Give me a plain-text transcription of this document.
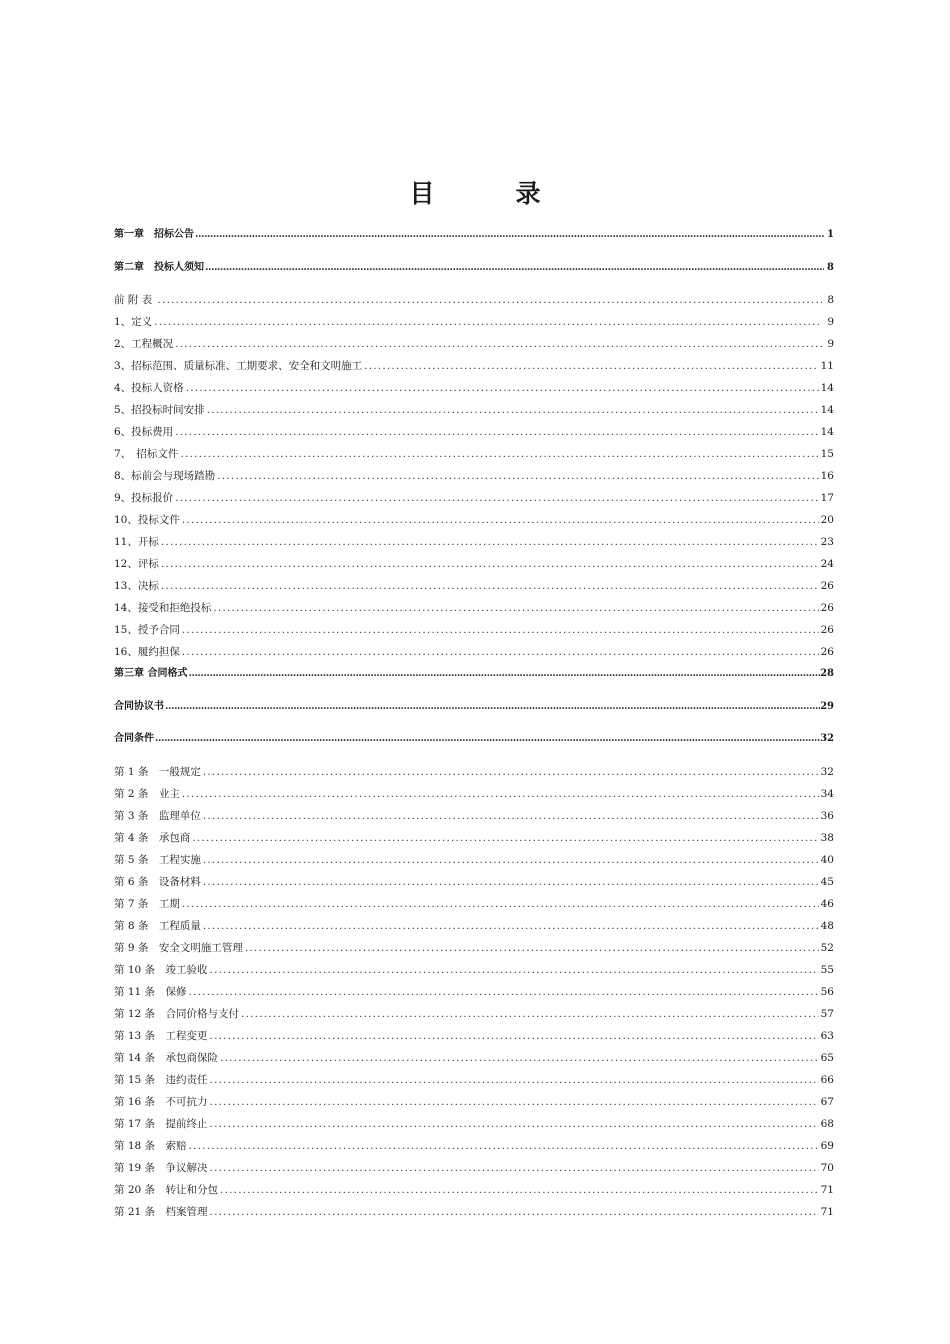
目　录
第一章　招标公告 .....	1
第二章　投标人须知 .....	8
前 附 表 .....	8
1、定义 .....	9
2、工程概况 .....	9
3、招标范围、质量标准、工期要求、安全和文明施工 .....	11
4、投标人资格 .....	14
5、招投标时间安排 .....	14
6、投标费用 .....	14
7、　招标文件 .....	15
8、标前会与现场踏勘 .....	16
9、投标报价 .....	17
10、投标文件 .....	20
11、开标 .....	23
12、评标 .....	24
13、决标 .....	26
14、接受和拒绝投标 .....	26
15、授予合同 .....	26
16、履约担保 .....	26
第三章 合同格式 .....	28
合同协议书 .....	29
合同条件 .....	32
第 1 条　一般规定 .....	32
第 2 条　业主 .....	34
第 3 条　监理单位 .....	36
第 4 条　承包商 .....	38
第 5 条　工程实施 .....	40
第 6 条　设备材料 .....	45
第 7 条　工期 .....	46
第 8 条　工程质量 .....	48
第 9 条　安全文明施工管理 .....	52
第 10 条　竣工验收 .....	55
第 11 条　保修 .....	56
第 12 条　合同价格与支付 .....	57
第 13 条　工程变更 .....	63
第 14 条　承包商保险 .....	65
第 15 条　违约责任 .....	66
第 16 条　不可抗力 .....	67
第 17 条　提前终止 .....	68
第 18 条　索赔 .....	69
第 19 条　争议解决 .....	70
第 20 条　转让和分包 .....	71
第 21 条　档案管理 .....	71
